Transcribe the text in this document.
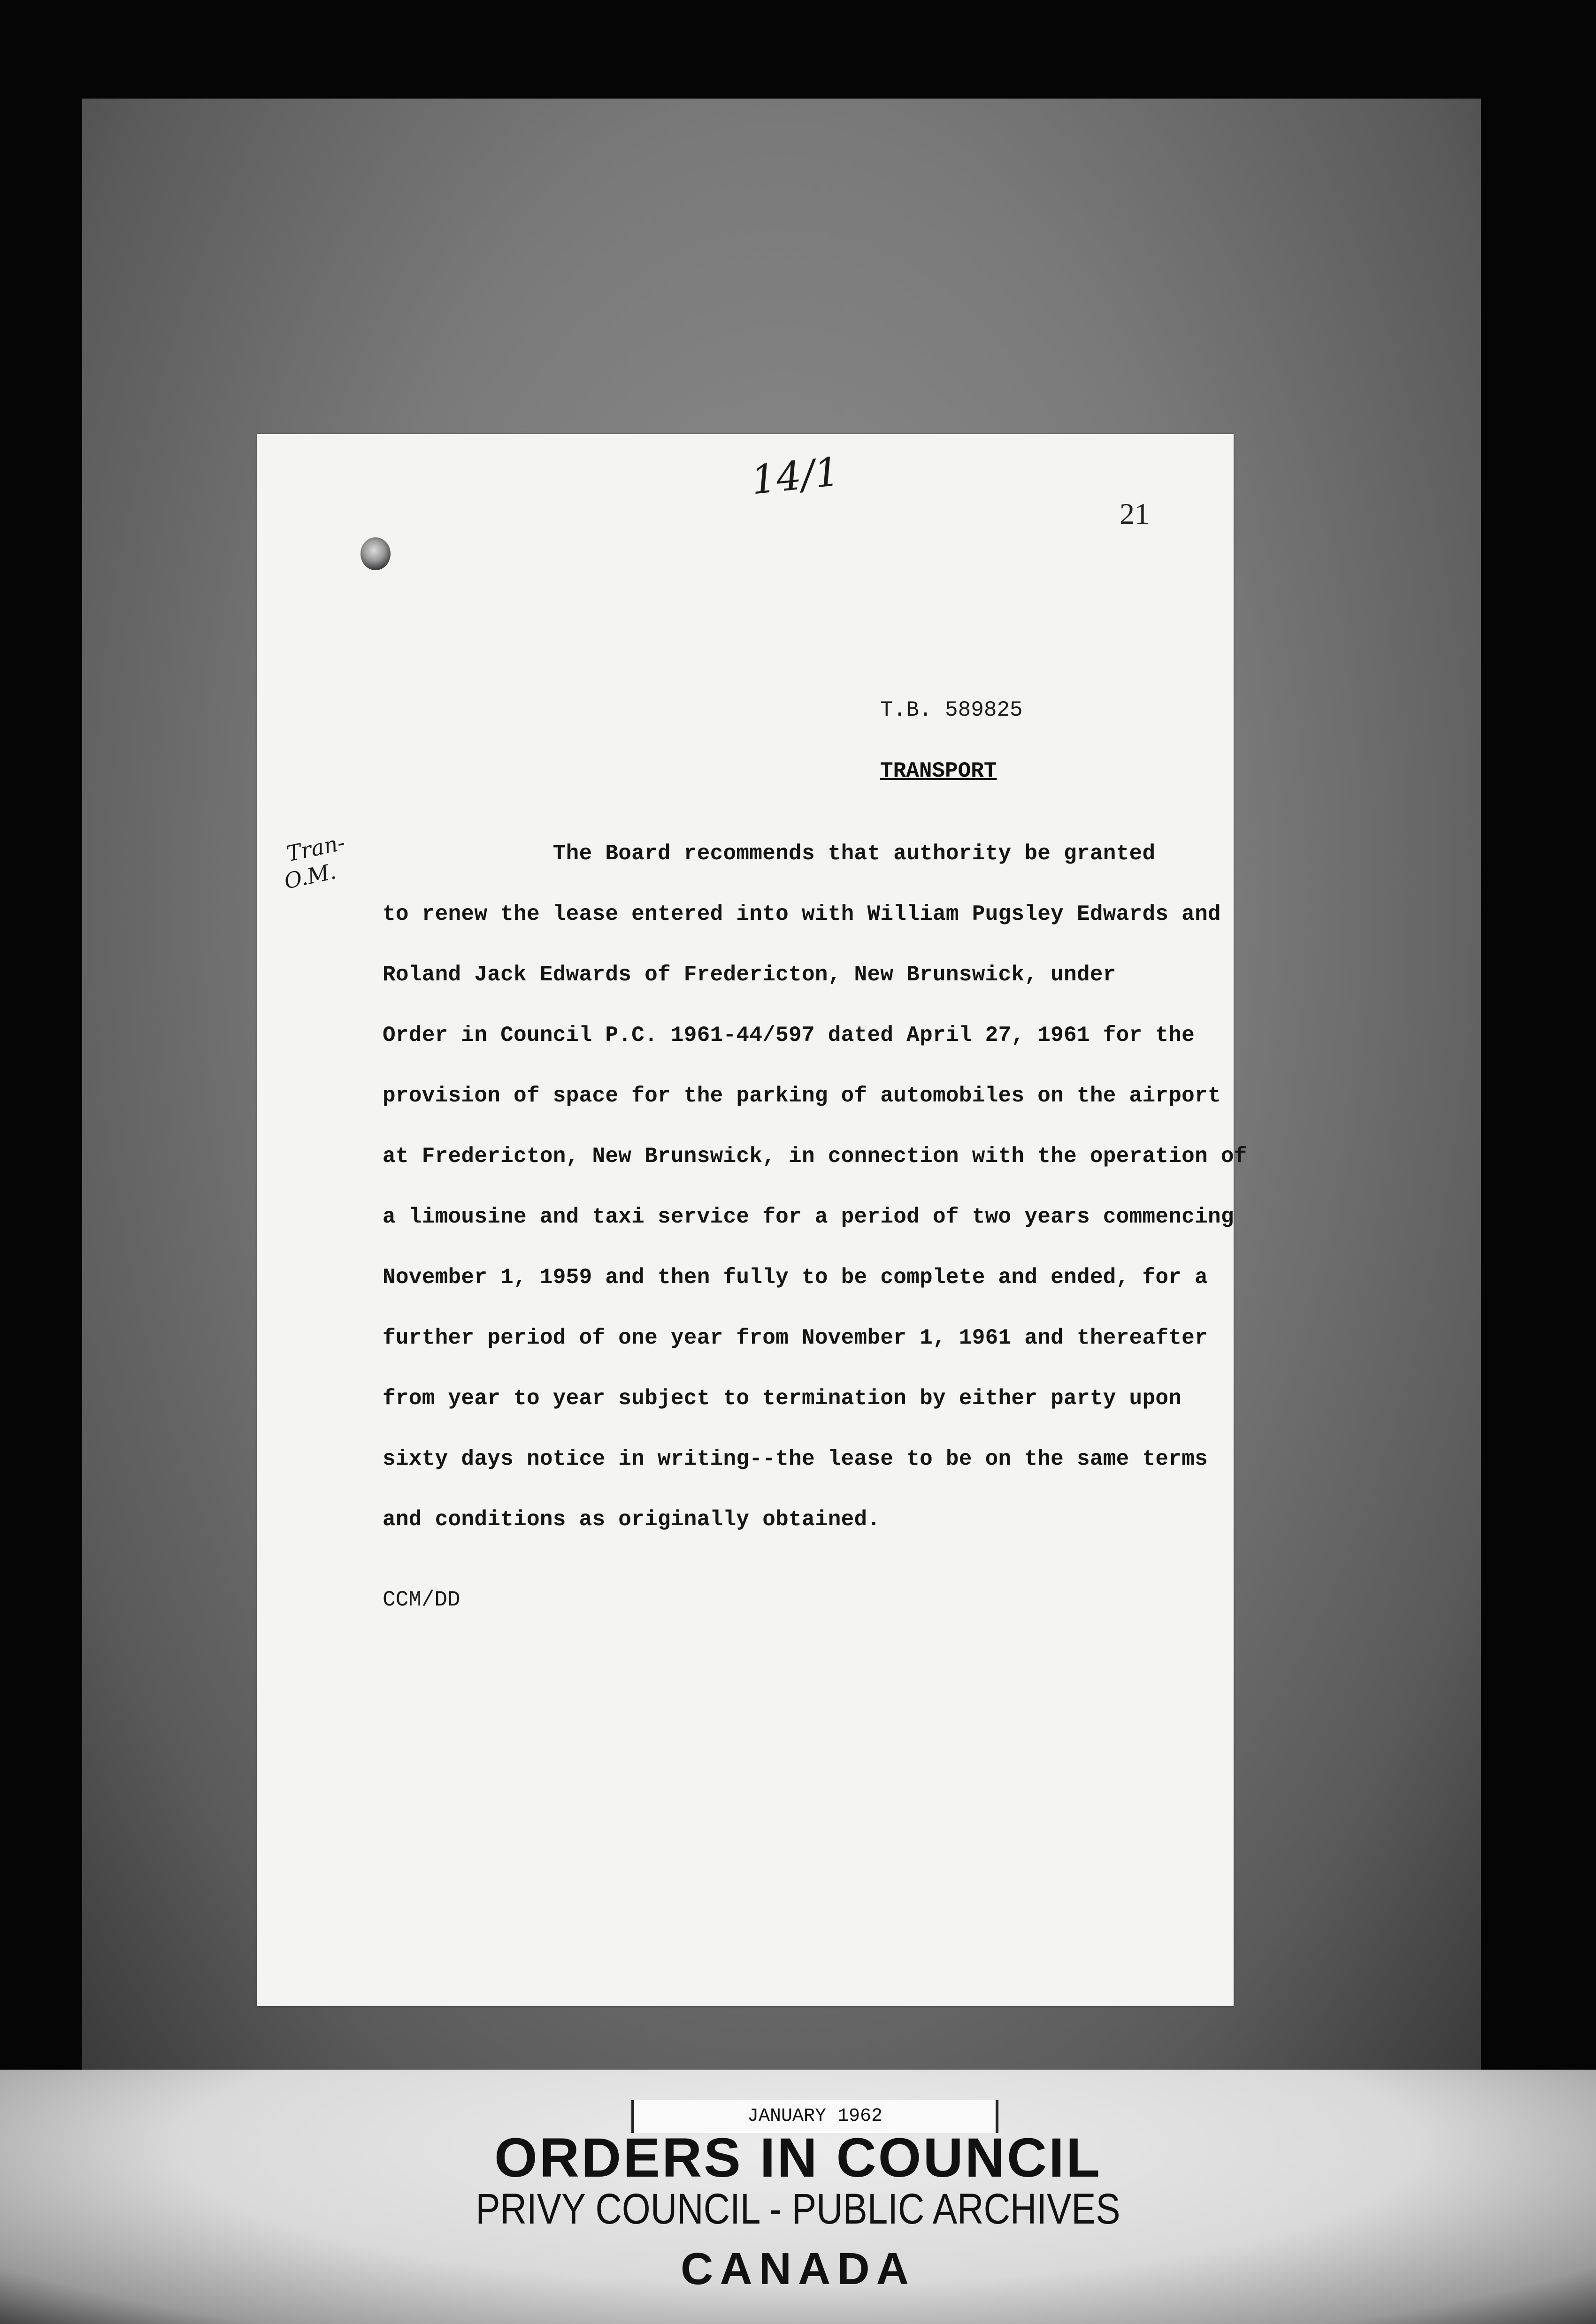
14/1
21
Tran-
O.M.
T.B. 589825
TRANSPORT
The Board recommends that authority be granted
to renew the lease entered into with William Pugsley Edwards and
Roland Jack Edwards of Fredericton, New Brunswick, under
Order in Council P.C. 1961-44/597 dated April 27, 1961 for the
provision of space for the parking of automobiles on the airport
at Fredericton, New Brunswick, in connection with the operation of
a limousine and taxi service for a period of two years commencing
November 1, 1959 and then fully to be complete and ended, for a
further period of one year from November 1, 1961 and thereafter
from year to year subject to termination by either party upon
sixty days notice in writing--the lease to be on the same terms
and conditions as originally obtained.
CCM/DD
JANUARY 1962
ORDERS IN COUNCIL
PRIVY COUNCIL - PUBLIC ARCHIVES
CANADA
